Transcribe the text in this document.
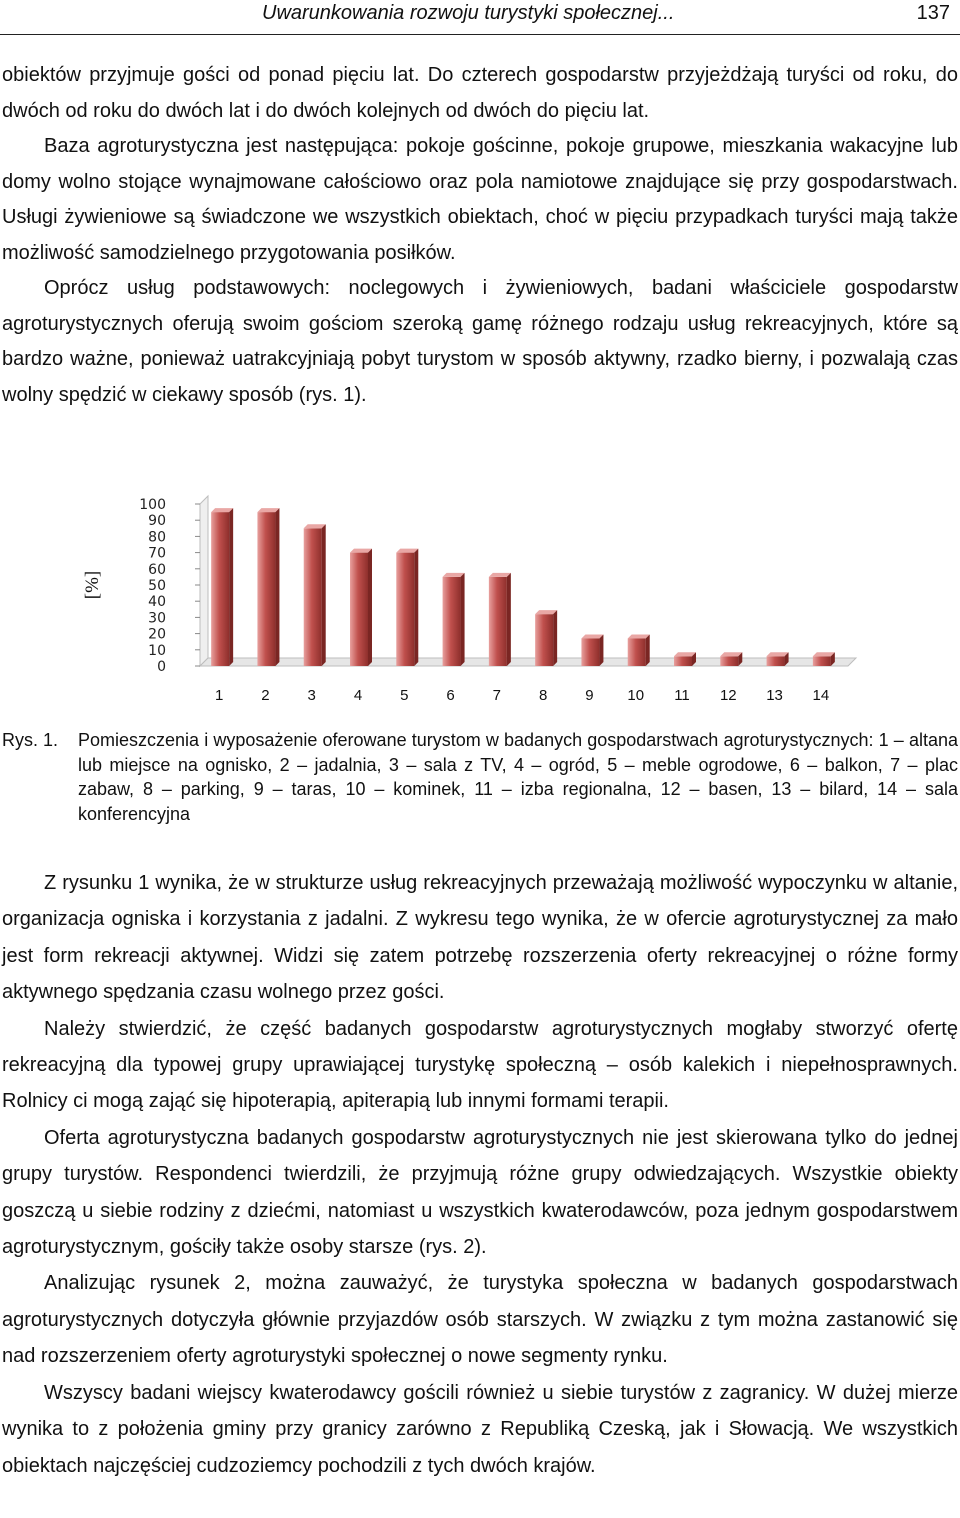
Uwarunkowania rozwoju turystyki społecznej...	137

obiektów przyjmuje gości od ponad pięciu lat. Do czterech gospodarstw przyjeżdżają turyści od roku, do dwóch od roku do dwóch lat i do dwóch kolejnych od dwóch do pięciu lat.

Baza agroturystyczna jest następująca: pokoje gościnne, pokoje grupowe, mieszkania wakacyjne lub domy wolno stojące wynajmowane całościowo oraz pola namiotowe znajdujące się przy gospodarstwach. Usługi żywieniowe są świadczone we wszystkich obiektach, choć w pięciu przypadkach turyści mają także możliwość samodzielnego przygotowania posiłków.

Oprócz usług podstawowych: noclegowych i żywieniowych, badani właściciele gospodarstw agroturystycznych oferują swoim gościom szeroką gamę różnego rodzaju usług rekreacyjnych, które są bardzo ważne, ponieważ uatrakcyjniają pobyt turystom w sposób aktywny, rzadko bierny, i pozwalają czas wolny spędzić w ciekawy sposób (rys. 1).

0
10
20
30
40
50
60
70
80
90
100
[%]
1	2	3	4	5	6	7	8	9 10 11 12 13 14
Rys. 1. Pomieszczenia i wyposażenie oferowane turystom w badanych gospodarstwach agroturystycznych: 1 – altana lub miejsce na ognisko, 2 – jadalnia, 3 – sala z TV, 4 – ogród, 5 – meble ogrodowe, 6 – balkon, 7 – plac zabaw, 8 – parking, 9 – taras, 10 – kominek, 11 – izba regionalna, 12 – basen, 13 – bilard, 14 – sala konferencyjna

Z rysunku 1 wynika, że w strukturze usług rekreacyjnych przeważają możliwość wypoczynku w altanie, organizacja ogniska i korzystania z jadalni. Z wykresu tego wynika, że w ofercie agroturystycznej za mało jest form rekreacji aktywnej. Widzi się zatem potrzebę rozszerzenia oferty rekreacyjnej o różne formy aktywnego spędzania czasu wolnego przez gości.

Należy stwierdzić, że część badanych gospodarstw agroturystycznych mogłaby stworzyć ofertę rekreacyjną dla typowej grupy uprawiającej turystykę społeczną – osób kalekich i niepełnosprawnych. Rolnicy ci mogą zająć się hipoterapią, apiterapią lub innymi formami terapii.

Oferta agroturystyczna badanych gospodarstw agroturystycznych nie jest skierowana tylko do jednej grupy turystów. Respondenci twierdzili, że przyjmują różne grupy odwiedzających. Wszystkie obiekty goszczą u siebie rodziny z dziećmi, natomiast u wszystkich kwaterodawców, poza jednym gospodarstwem agroturystycznym, gościły także osoby starsze (rys. 2).

Analizując rysunek 2, można zauważyć, że turystyka społeczna w badanych gospodarstwach agroturystycznych dotyczyła głównie przyjazdów osób starszych. W związku z tym można zastanowić się nad rozszerzeniem oferty agroturystyki społecznej o nowe segmenty rynku.

Wszyscy badani wiejscy kwaterodawcy gościli również u siebie turystów z zagranicy. W dużej mierze wynika to z położenia gminy przy granicy zarówno z Republiką Czeską, jak i Słowacją. We wszystkich obiektach najczęściej cudzoziemcy pochodzili z tych dwóch krajów.
